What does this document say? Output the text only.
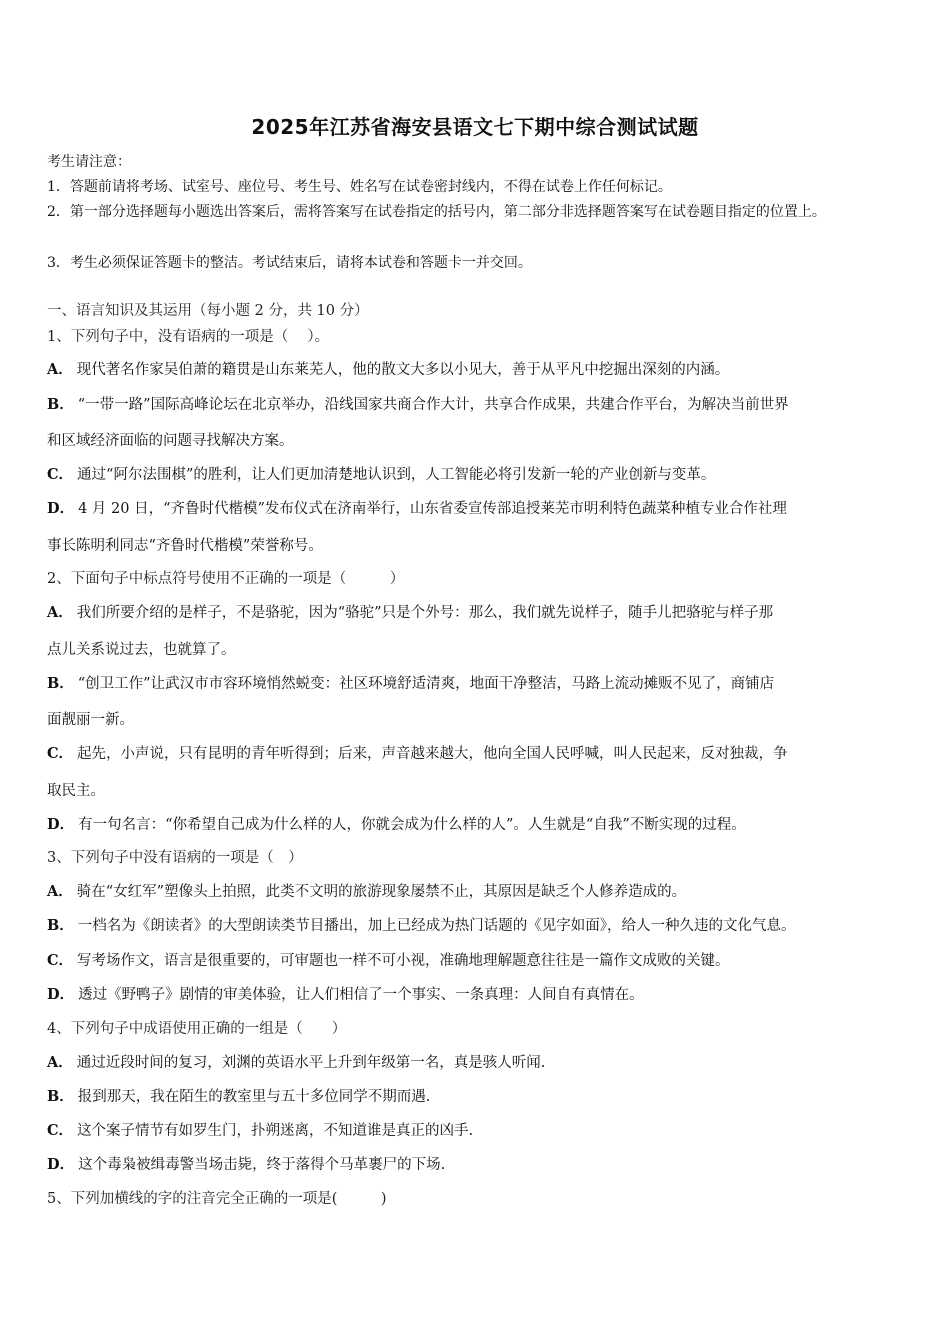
2025年江苏省海安县语文七下期中综合测试试题
考生请注意：
1．答题前请将考场、试室号、座位号、考生号、姓名写在试卷密封线内，不得在试卷上作任何标记。
2．第一部分选择题每小题选出答案后，需将答案写在试卷指定的括号内，第二部分非选择题答案写在试卷题目指定的位置上。
3．考生必须保证答题卡的整洁。考试结束后，请将本试卷和答题卡一并交回。
一、语言知识及其运用（每小题 2 分，共 10 分）
1、下列句子中，没有语病的一项是（　 ）。
A． 现代著名作家吴伯萧的籍贯是山东莱芜人，他的散文大多以小见大，善于从平凡中挖掘出深刻的内涵。
B． “一带一路”国际高峰论坛在北京举办，沿线国家共商合作大计，共享合作成果，共建合作平台，为解决当前世界
和区域经济面临的问题寻找解决方案。
C． 通过“阿尔法围棋”的胜利，让人们更加清楚地认识到，人工智能必将引发新一轮的产业创新与变革。
D． 4 月 20 日，“齐鲁时代楷模”发布仪式在济南举行，山东省委宣传部追授莱芜市明利特色蔬菜种植专业合作社理
事长陈明利同志“齐鲁时代楷模”荣誉称号。
2、下面句子中标点符号使用不正确的一项是（　　　）
A． 我们所要介绍的是样子，不是骆驼，因为“骆驼”只是个外号：那么，我们就先说样子，随手儿把骆驼与样子那
点儿关系说过去，也就算了。
B． “创卫工作”让武汉市市容环境悄然蜕变：社区环境舒适清爽，地面干净整洁，马路上流动摊贩不见了，商铺店
面靓丽一新。
C． 起先，小声说，只有昆明的青年听得到；后来，声音越来越大，他向全国人民呼喊，叫人民起来，反对独裁，争
取民主。
D． 有一句名言：“你希望自己成为什么样的人，你就会成为什么样的人”。人生就是“自我”不断实现的过程。
3、下列句子中没有语病的一项是（　）
A． 骑在“女红军”塑像头上拍照，此类不文明的旅游现象屡禁不止，其原因是缺乏个人修养造成的。
B． 一档名为《朗读者》的大型朗读类节目播出，加上已经成为热门话题的《见字如面》，给人一种久违的文化气息。
C． 写考场作文，语言是很重要的，可审题也一样不可小视，准确地理解题意往往是一篇作文成败的关键。
D． 透过《野鸭子》剧情的审美体验，让人们相信了一个事实、一条真理：人间自有真情在。
4、下列句子中成语使用正确的一组是（　　）
A． 通过近段时间的复习，刘渊的英语水平上升到年级第一名，真是骇人听闻.
B． 报到那天，我在陌生的教室里与五十多位同学不期而遇.
C． 这个案子情节有如罗生门，扑朔迷离，不知道谁是真正的凶手.
D． 这个毒枭被缉毒警当场击毙，终于落得个马革裹尸的下场.
5、下列加横线的字的注音完全正确的一项是(　　　)
